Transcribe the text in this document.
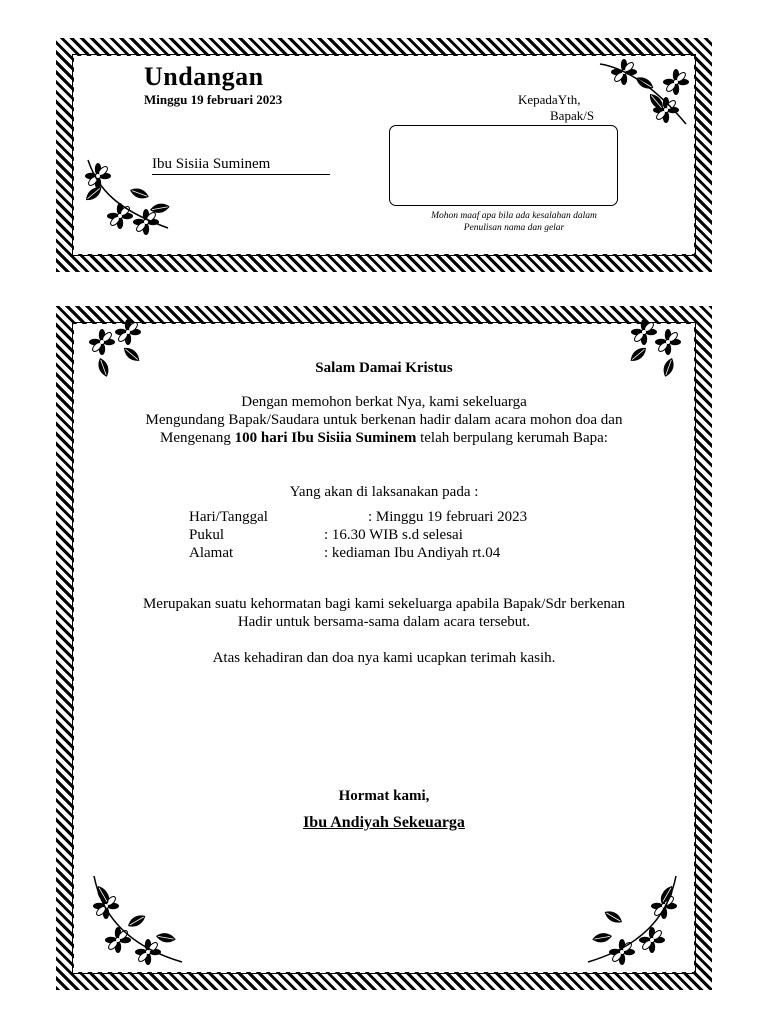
Undangan
Minggu 19 februari 2023
Ibu Sisiia Suminem
KepadaYth,
Bapak/S
Mohon maaf apa bila ada kesalahan dalam
Penulisan nama dan gelar
Salam Damai Kristus
Dengan memohon berkat Nya, kami sekeluarga
Mengundang Bapak/Saudara untuk berkenan hadir dalam acara mohon doa dan
Mengenang 100 hari Ibu Sisiia Suminem telah berpulang kerumah Bapa:
Yang akan di laksanakan pada :
Hari/Tanggal	: Minggu 19 februari 2023
Pukul	: 16.30 WIB s.d selesai
Alamat	: kediaman Ibu Andiyah rt.04
Merupakan suatu kehormatan bagi kami sekeluarga apabila Bapak/Sdr berkenan
Hadir untuk bersama-sama dalam acara tersebut.
Atas kehadiran dan doa nya kami ucapkan terimah kasih.
Hormat kami,
Ibu Andiyah Sekeuarga
